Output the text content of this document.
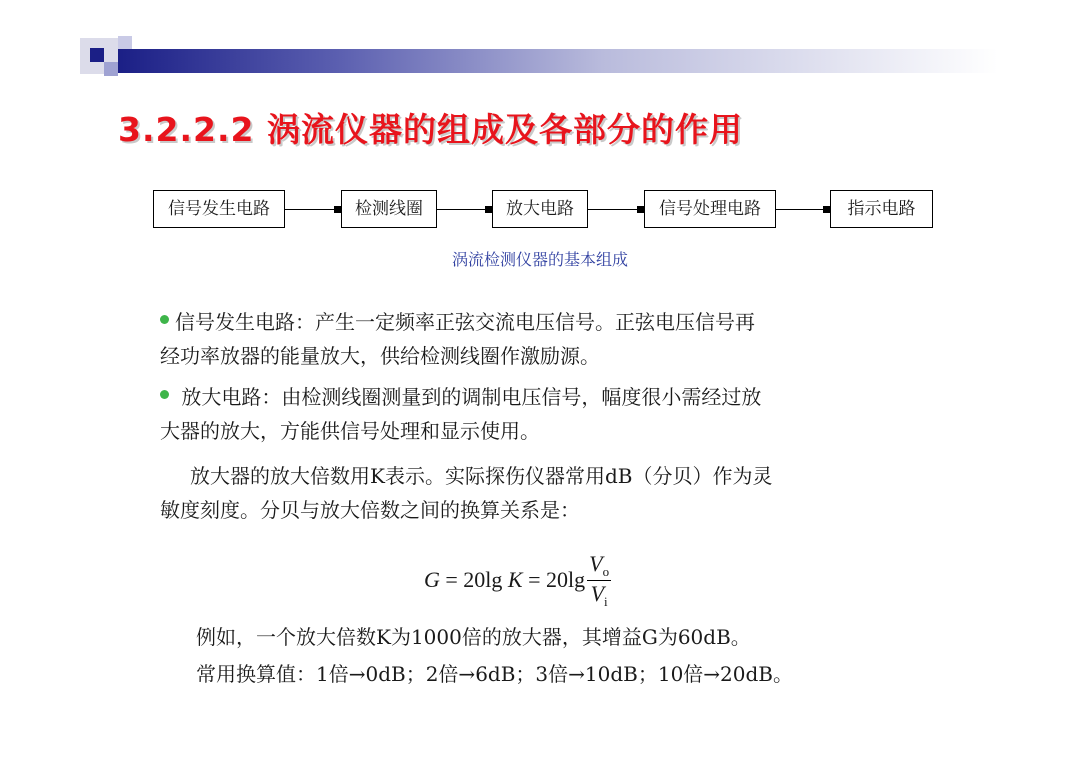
3.2.2.2 涡流仪器的组成及各部分的作用
信号发生电路	检测线圈	放大电路	信号处理电路	指示电路
涡流检测仪器的基本组成
信号发生电路：产生一定频率正弦交流电压信号。正弦电压信号再
经功率放器的能量放大，供给检测线圈作激励源。
放大电路：由检测线圈测量到的调制电压信号，幅度很小需经过放
大器的放大，方能供信号处理和显示使用。
放大器的放大倍数用K表示。实际探伤仪器常用dB（分贝）作为灵
敏度刻度。分贝与放大倍数之间的换算关系是：
G = 20lg $K = 20\lg \frac{V_o}{V_i}$
例如，一个放大倍数K为1000倍的放大器，其增益G为60dB。
常用换算值：1倍→0dB；2倍→6dB；3倍→10dB；10倍→20dB。
